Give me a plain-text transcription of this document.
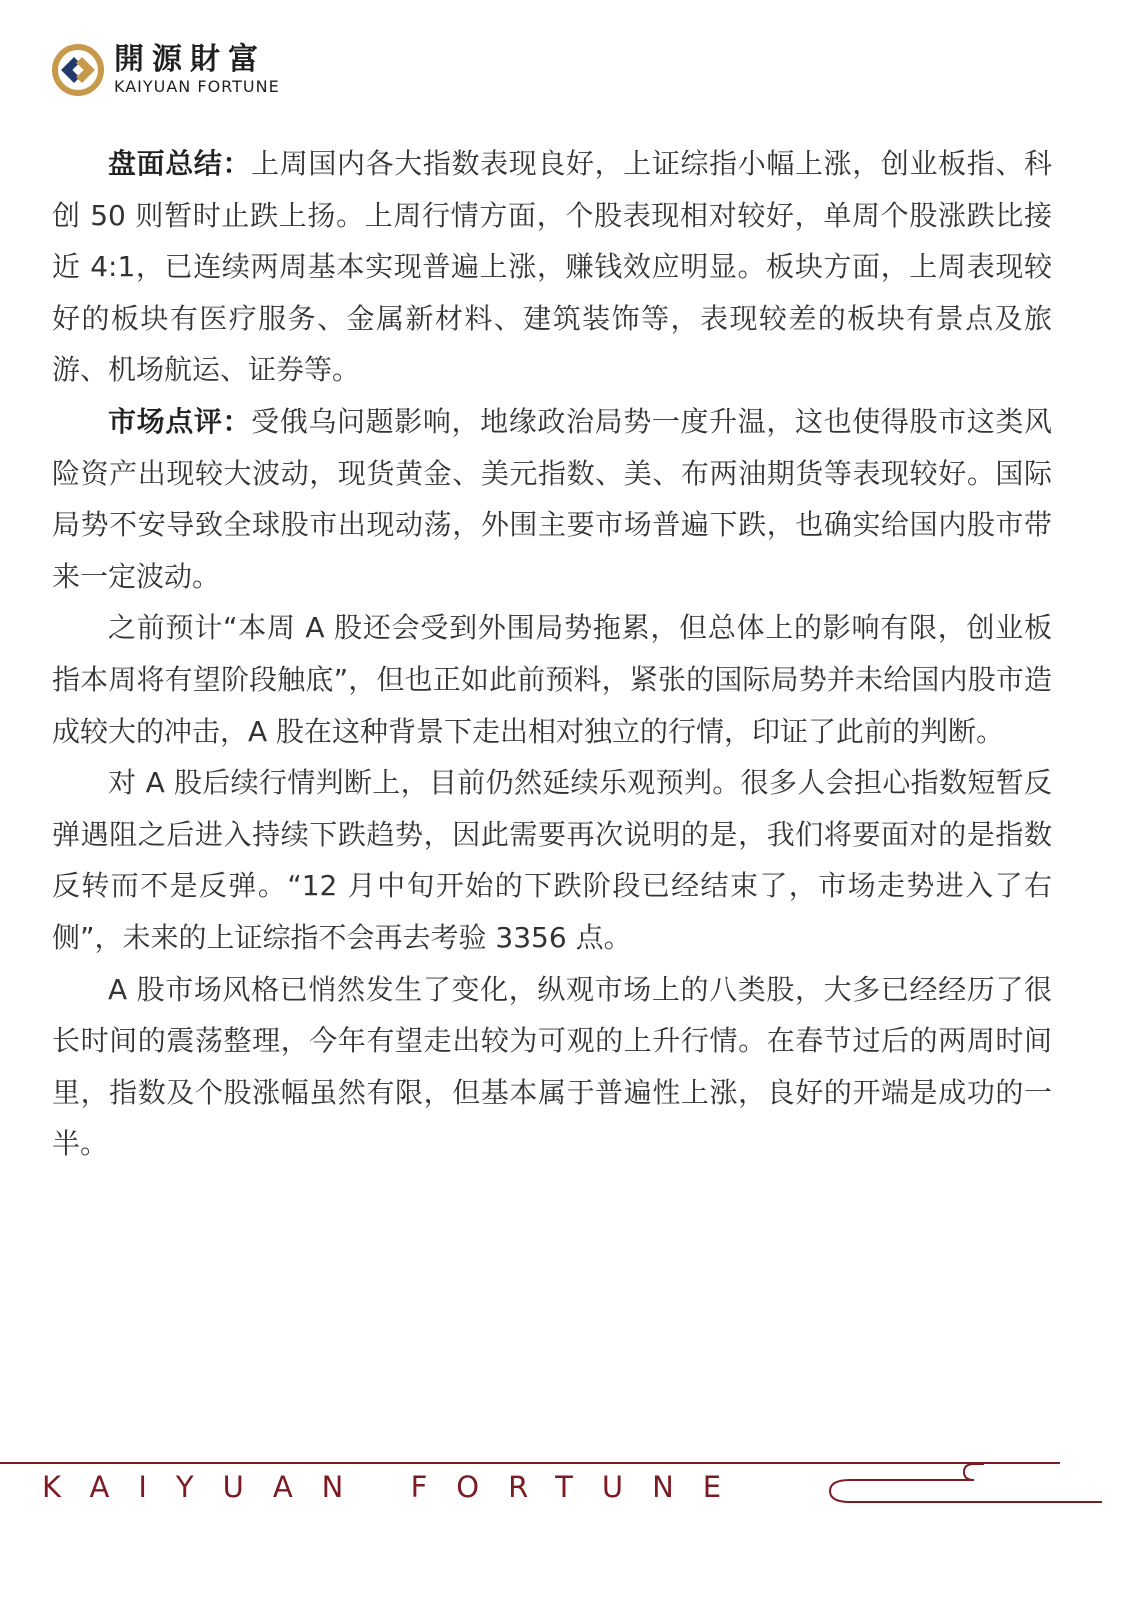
開源財富
KAIYUAN FORTUNE

盘面总结：上周国内各大指数表现良好，上证综指小幅上涨，创业板指、科创 50 则暂时止跌上扬。上周行情方面，个股表现相对较好，单周个股涨跌比接近 4:1，已连续两周基本实现普遍上涨，赚钱效应明显。板块方面，上周表现较好的板块有医疗服务、金属新材料、建筑装饰等，表现较差的板块有景点及旅游、机场航运、证券等。

市场点评：受俄乌问题影响，地缘政治局势一度升温，这也使得股市这类风险资产出现较大波动，现货黄金、美元指数、美、布两油期货等表现较好。国际局势不安导致全球股市出现动荡，外围主要市场普遍下跌，也确实给国内股市带来一定波动。

之前预计“本周 A 股还会受到外围局势拖累，但总体上的影响有限，创业板指本周将有望阶段触底”，但也正如此前预料，紧张的国际局势并未给国内股市造成较大的冲击，A 股在这种背景下走出相对独立的行情，印证了此前的判断。

对 A 股后续行情判断上，目前仍然延续乐观预判。很多人会担心指数短暂反弹遇阻之后进入持续下跌趋势，因此需要再次说明的是，我们将要面对的是指数反转而不是反弹。“12 月中旬开始的下跌阶段已经结束了，市场走势进入了右侧”，未来的上证综指不会再去考验 3356 点。

A 股市场风格已悄然发生了变化，纵观市场上的八类股，大多已经经历了很长时间的震荡整理，今年有望走出较为可观的上升行情。在春节过后的两周时间里，指数及个股涨幅虽然有限，但基本属于普遍性上涨，良好的开端是成功的一半。

KAIYUAN FORTUNE
